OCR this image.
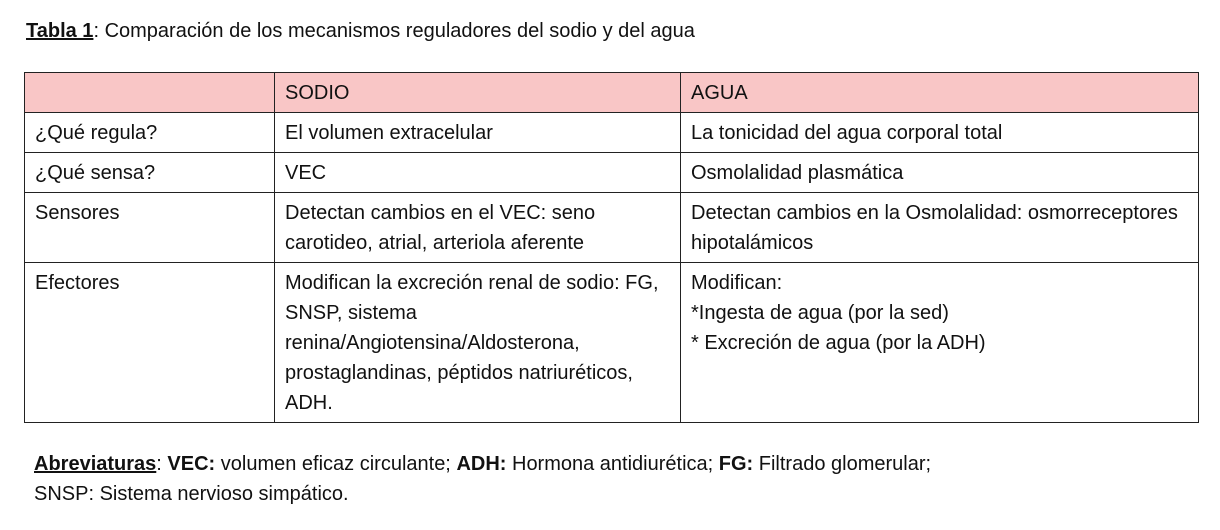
Tabla 1: Comparación de los mecanismos reguladores del sodio y del agua
	SODIO	AGUA
¿Qué regula?	El volumen extracelular	La tonicidad del agua corporal total
¿Qué sensa?	VEC	Osmolalidad plasmática
Sensores	Detectan cambios en el VEC: seno carotideo, atrial, arteriola aferente	Detectan cambios en la Osmolalidad: osmorreceptores hipotalámicos
Efectores	Modifican la excreción renal de sodio: FG, SNSP, sistema renina/Angiotensina/Aldosterona, prostaglandinas, péptidos natriuréticos, ADH.	Modifican:
*Ingesta de agua (por la sed)
* Excreción de agua (por la ADH)
Abreviaturas: VEC: volumen eficaz circulante; ADH: Hormona antidiurética; FG: Filtrado glomerular;
SNSP: Sistema nervioso simpático.
